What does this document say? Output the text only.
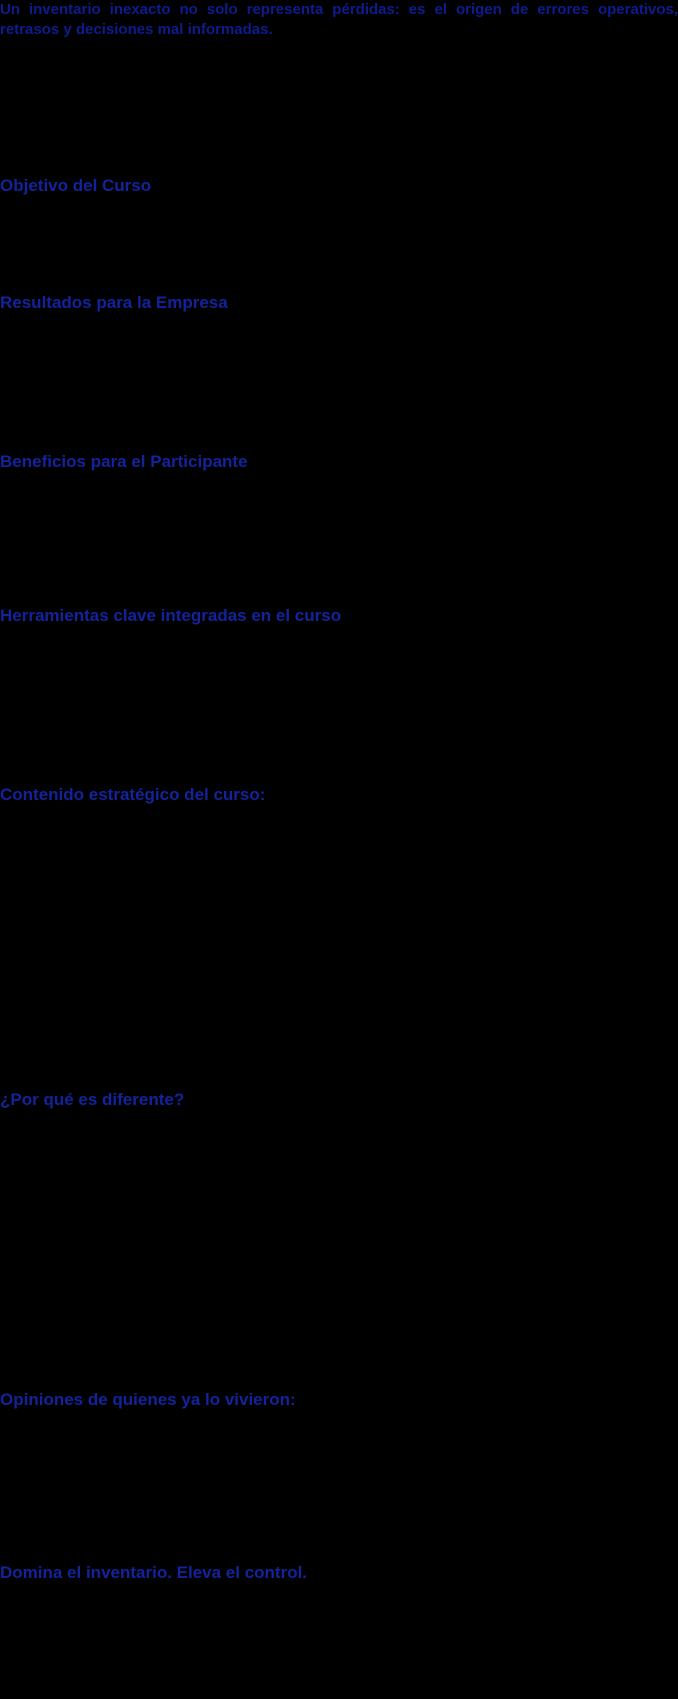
Un inventario inexacto no solo representa pérdidas: es el origen de errores operativos, retrasos y decisiones mal informadas.
Objetivo del Curso
Resultados para la Empresa
Beneficios para el Participante
Herramientas clave integradas en el curso
Contenido estratégico del curso:
¿Por qué es diferente?
Opiniones de quienes ya lo vivieron:
Domina el inventario. Eleva el control.
